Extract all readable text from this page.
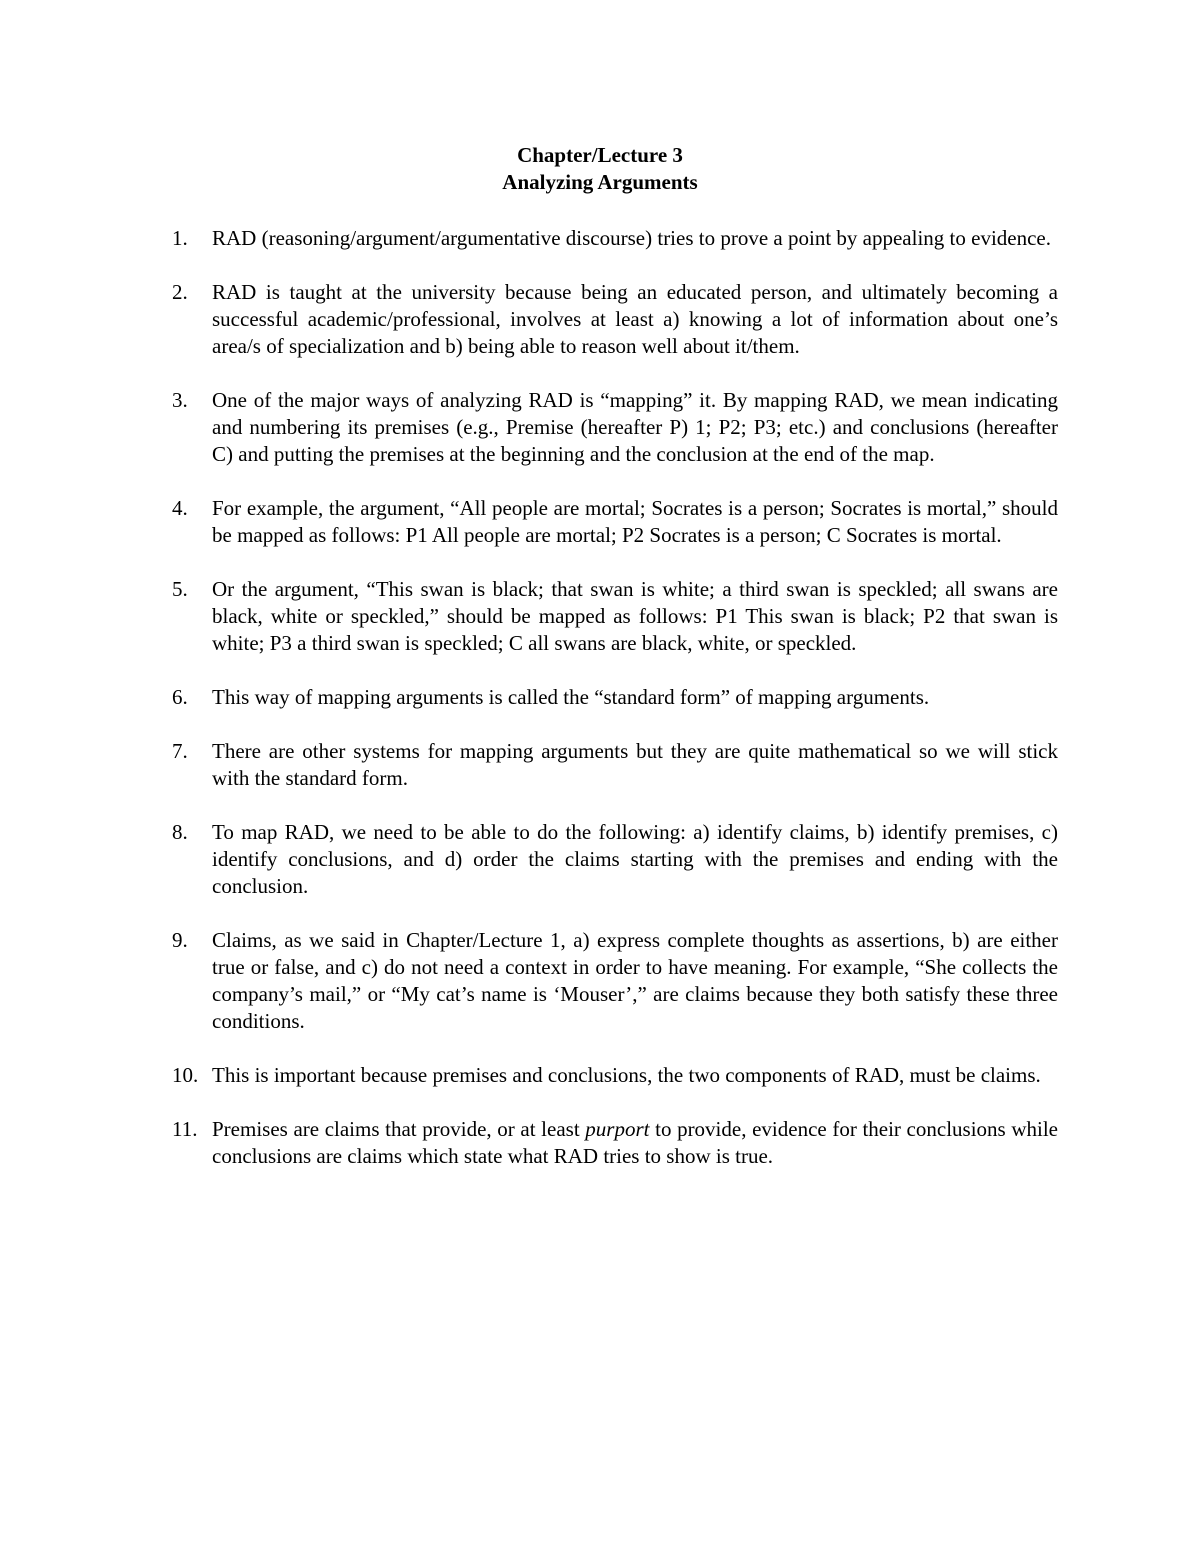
Chapter/Lecture 3
Analyzing Arguments
1.	RAD (reasoning/argument/argumentative discourse) tries to prove a point by appealing to evidence.
2.	RAD is taught at the university because being an educated person, and ultimately becoming a successful academic/professional, involves at least a) knowing a lot of information about one’s area/s of specialization and b) being able to reason well about it/them.
3.	One of the major ways of analyzing RAD is “mapping” it. By mapping RAD, we mean indicating and numbering its premises (e.g., Premise (hereafter P) 1; P2; P3; etc.) and conclusions (hereafter C) and putting the premises at the beginning and the conclusion at the end of the map.
4.	For example, the argument, “All people are mortal; Socrates is a person; Socrates is mortal,” should be mapped as follows: P1 All people are mortal; P2 Socrates is a person; C Socrates is mortal.
5.	Or the argument, “This swan is black; that swan is white; a third swan is speckled; all swans are black, white or speckled,” should be mapped as follows: P1 This swan is black; P2 that swan is white; P3 a third swan is speckled; C all swans are black, white, or speckled.
6.	This way of mapping arguments is called the “standard form” of mapping arguments.
7.	There are other systems for mapping arguments but they are quite mathematical so we will stick with the standard form.
8.	To map RAD, we need to be able to do the following: a) identify claims, b) identify premises, c) identify conclusions, and d) order the claims starting with the premises and ending with the conclusion.
9.	Claims, as we said in Chapter/Lecture 1, a) express complete thoughts as assertions, b) are either true or false, and c) do not need a context in order to have meaning. For example, “She collects the company’s mail,” or “My cat’s name is ‘Mouser’,” are claims because they both satisfy these three conditions.
10. This is important because premises and conclusions, the two components of RAD, must be claims.
11. Premises are claims that provide, or at least purport to provide, evidence for their conclusions while conclusions are claims which state what RAD tries to show is true.
